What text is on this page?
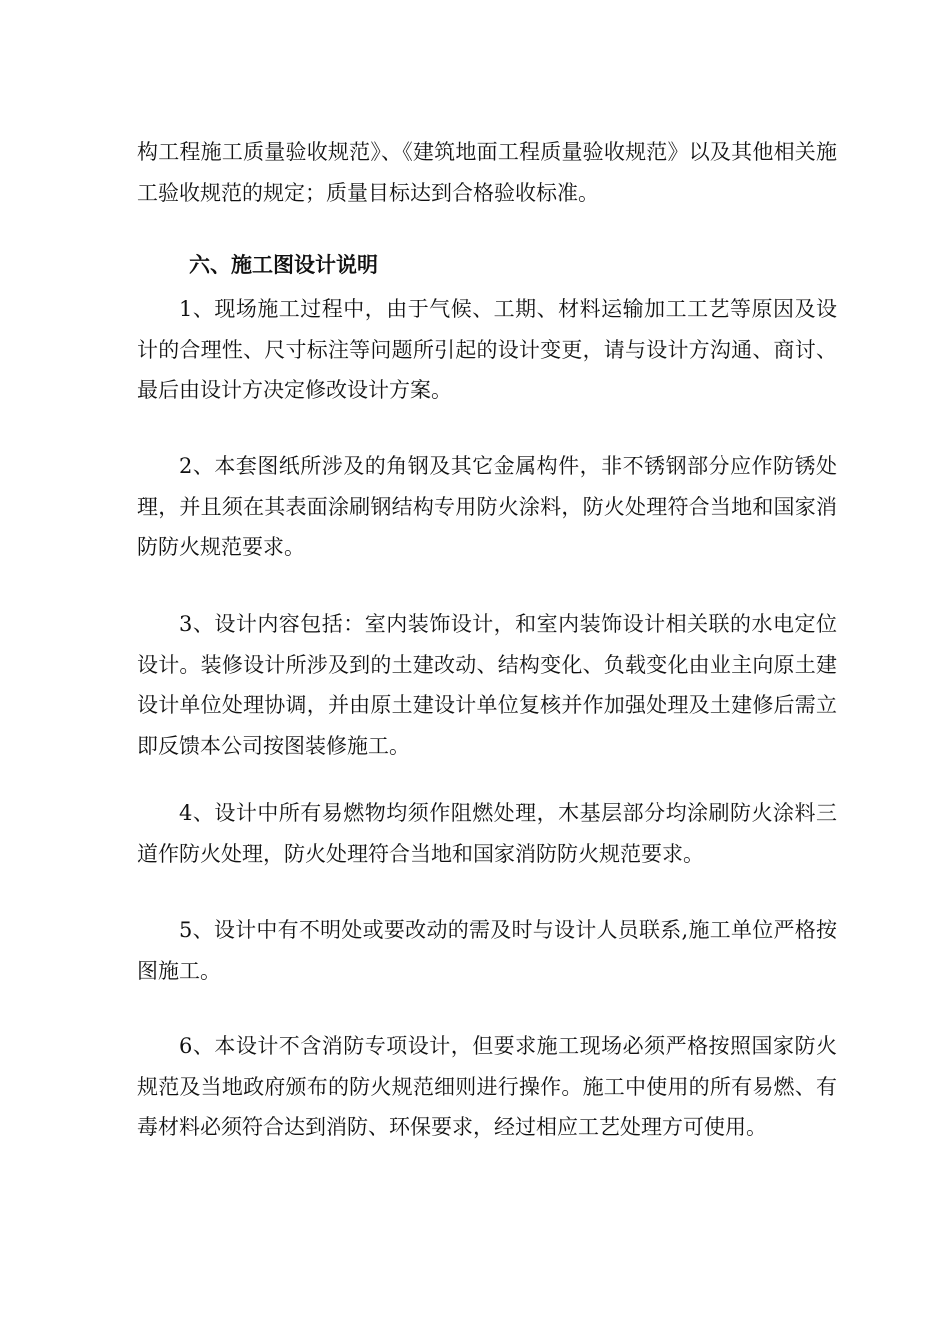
构工程施工质量验收规范》、《建筑地面工程质量验收规范》以及其他相关施工验收规范的规定；质量目标达到合格验收标准。

六、施工图设计说明

1、现场施工过程中，由于气候、工期、材料运输加工工艺等原因及设计的合理性、尺寸标注等问题所引起的设计变更，请与设计方沟通、商讨、最后由设计方决定修改设计方案。

2、本套图纸所涉及的角钢及其它金属构件，非不锈钢部分应作防锈处理，并且须在其表面涂刷钢结构专用防火涂料，防火处理符合当地和国家消防防火规范要求。

3、设计内容包括：室内装饰设计，和室内装饰设计相关联的水电定位设计。装修设计所涉及到的土建改动、结构变化、负载变化由业主向原土建设计单位处理协调，并由原土建设计单位复核并作加强处理及土建修后需立即反馈本公司按图装修施工。

4、设计中所有易燃物均须作阻燃处理，木基层部分均涂刷防火涂料三道作防火处理，防火处理符合当地和国家消防防火规范要求。

5、设计中有不明处或要改动的需及时与设计人员联系,施工单位严格按图施工。

6、本设计不含消防专项设计，但要求施工现场必须严格按照国家防火规范及当地政府颁布的防火规范细则进行操作。施工中使用的所有易燃、有毒材料必须符合达到消防、环保要求，经过相应工艺处理方可使用。
